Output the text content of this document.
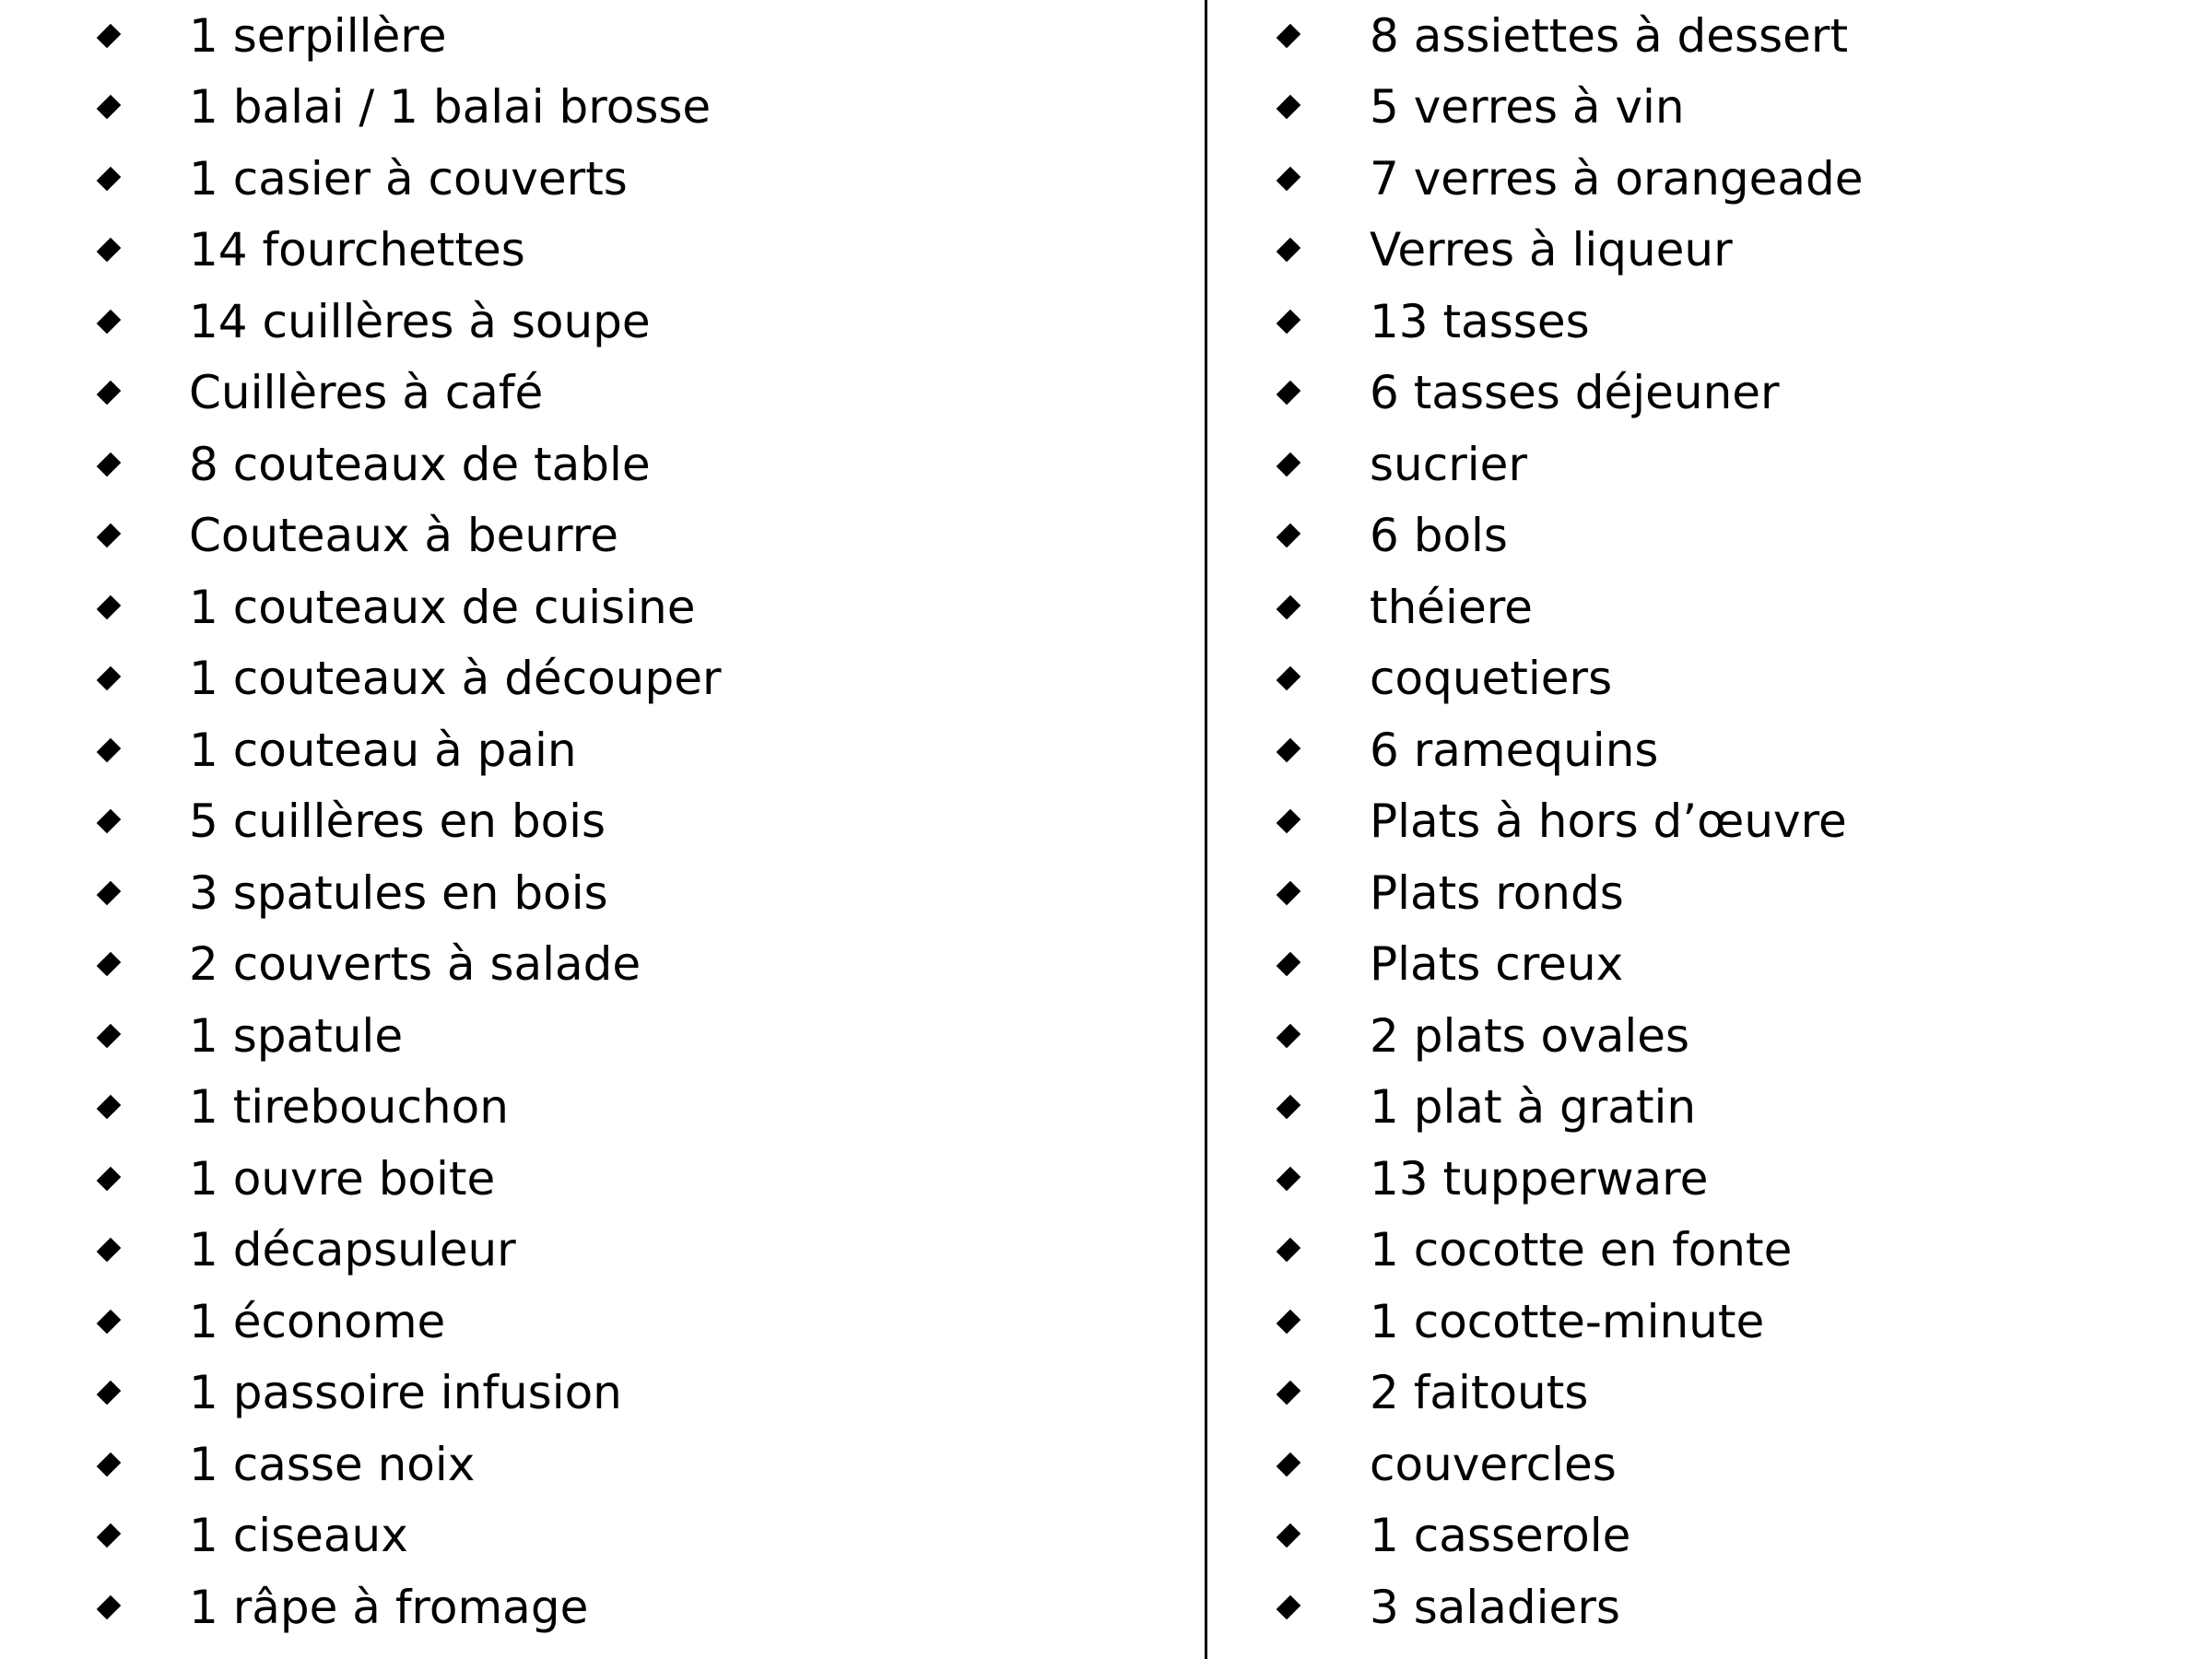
1 serpillère
1 balai / 1 balai brosse
1 casier à couverts
14 fourchettes
14 cuillères à soupe
Cuillères à café
8 couteaux de table
Couteaux à beurre
1 couteaux de cuisine
1 couteaux à découper
1 couteau à pain
5 cuillères en bois
3 spatules en bois
2 couverts à salade
1 spatule
1 tirebouchon
1 ouvre boite
1 décapsuleur
1 économe
1 passoire infusion
1 casse noix
1 ciseaux
1 râpe à fromage
8 assiettes à dessert
5 verres à vin
7 verres à orangeade
Verres à liqueur
13 tasses
6 tasses déjeuner
sucrier
6 bols
théiere
coquetiers
6 ramequins
Plats à hors d’œuvre
Plats ronds
Plats creux
2 plats ovales
1 plat à gratin
13 tupperware
1 cocotte en fonte
1 cocotte-minute
2 faitouts
couvercles
1 casserole
3 saladiers
